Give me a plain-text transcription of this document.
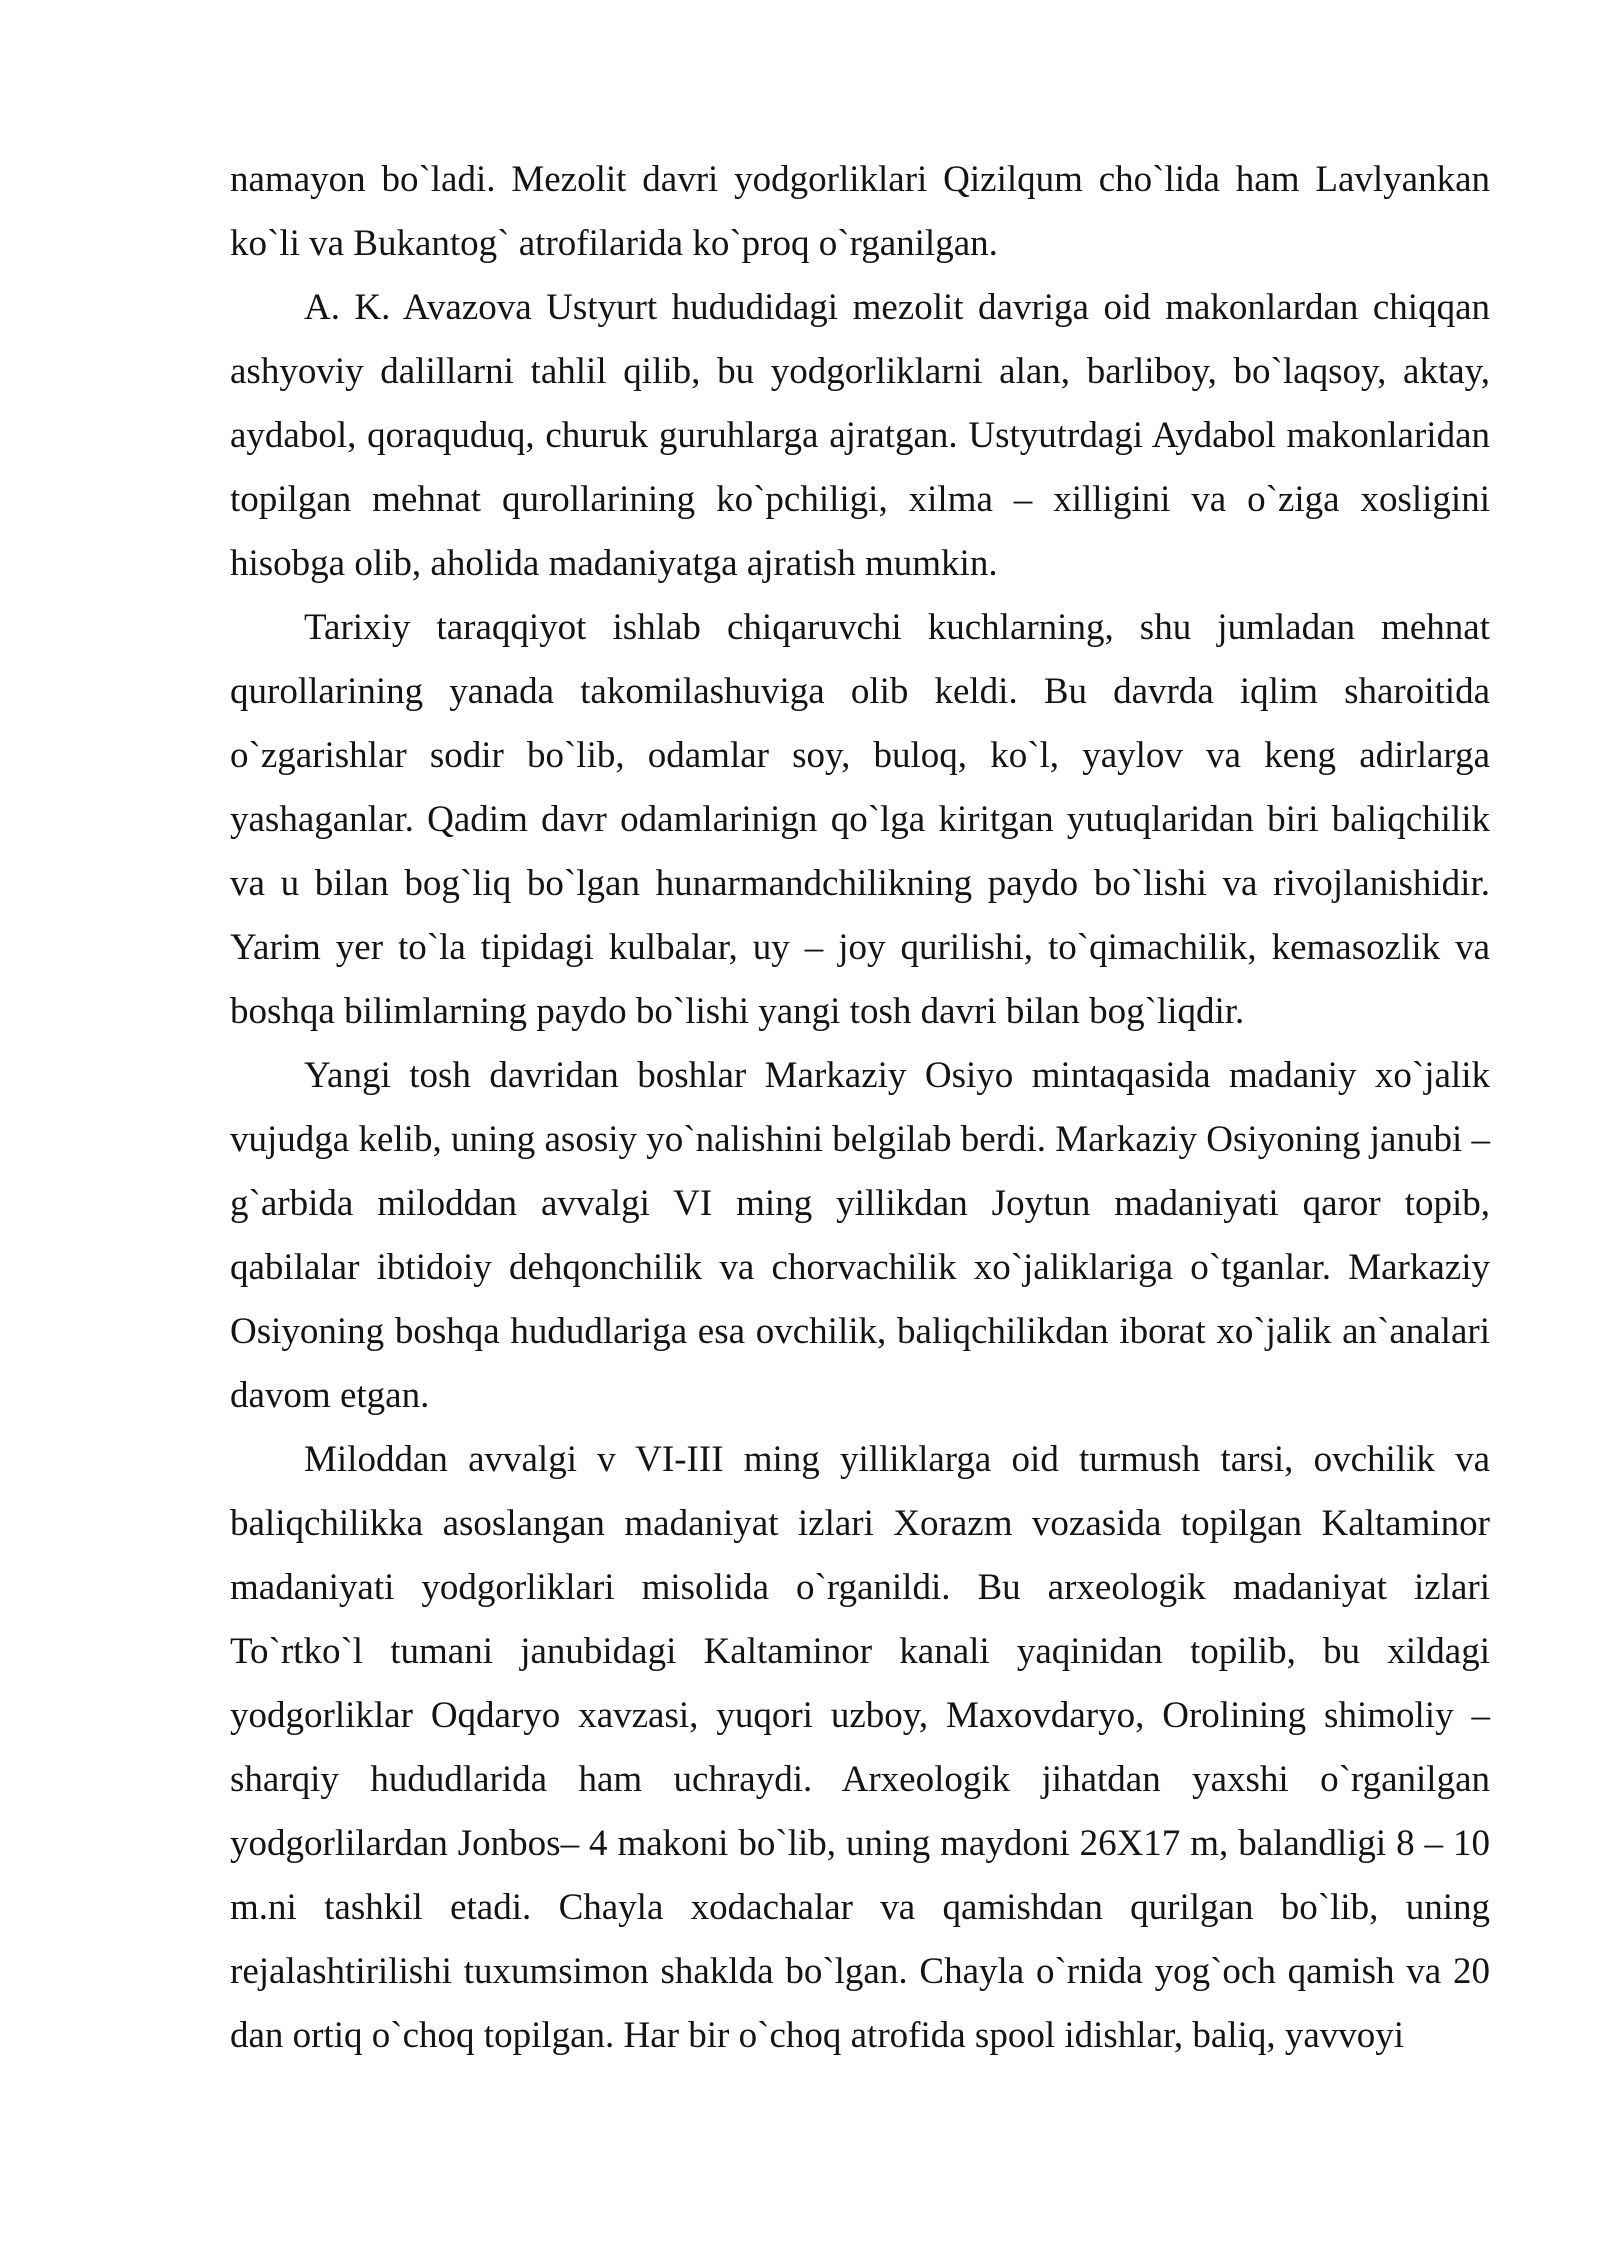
namayon bo`ladi. Mezolit davri yodgorliklari Qizilqum cho`lida ham Lavlyankan ko`li va Bukantog` atrofilarida ko`proq o`rganilgan.

A. K. Avazova Ustyurt hududidagi mezolit davriga oid makonlardan chiqqan ashyoviy dalillarni tahlil qilib, bu yodgorliklarni alan, barliboy, bo`laqsoy, aktay, aydabol, qoraquduq, churuk guruhlarga ajratgan. Ustyutrdagi Aydabol makonlaridan topilgan mehnat qurollarining ko`pchiligi, xilma – xilligini va o`ziga xosligini hisobga olib, aholida madaniyatga ajratish mumkin.

Tarixiy taraqqiyot ishlab chiqaruvchi kuchlarning, shu jumladan mehnat qurollarining yanada takomilashuviga olib keldi. Bu davrda iqlim sharoitida o`zgarishlar sodir bo`lib, odamlar soy, buloq, ko`l, yaylov va keng adirlarga yashaganlar. Qadim davr odamlarinign qo`lga kiritgan yutuqlaridan biri baliqchilik va u bilan bog`liq bo`lgan hunarmandchilikning paydo bo`lishi va rivojlanishidir. Yarim yer to`la tipidagi kulbalar, uy – joy qurilishi, to`qimachilik, kemasozlik va boshqa bilimlarning paydo bo`lishi yangi tosh davri bilan bog`liqdir.

Yangi tosh davridan boshlar Markaziy Osiyo mintaqasida madaniy xo`jalik vujudga kelib, uning asosiy yo`nalishini belgilab berdi. Markaziy Osiyoning janubi – g`arbida miloddan avvalgi VI ming yillikdan Joytun madaniyati qaror topib, qabilalar ibtidoiy dehqonchilik va chorvachilik xo`jaliklariga o`tganlar. Markaziy Osiyoning boshqa hududlariga esa ovchilik, baliqchilikdan iborat xo`jalik an`analari davom etgan.

Miloddan avvalgi v VI-III ming yilliklarga oid turmush tarsi, ovchilik va baliqchilikka asoslangan madaniyat izlari Xorazm vozasida topilgan Kaltaminor madaniyati yodgorliklari misolida o`rganildi. Bu arxeologik madaniyat izlari To`rtko`l tumani janubidagi Kaltaminor kanali yaqinidan topilib, bu xildagi yodgorliklar Oqdaryo xavzasi, yuqori uzboy, Maxovdaryo, Orolining shimoliy – sharqiy hududlarida ham uchraydi. Arxeologik jihatdan yaxshi o`rganilgan yodgorlilardan Jonbos– 4 makoni bo`lib, uning maydoni 26X17 m, balandligi 8 – 10 m.ni tashkil etadi. Chayla xodachalar va qamishdan qurilgan bo`lib, uning rejalashtirilishi tuxumsimon shaklda bo`lgan. Chayla o`rnida yog`och qamish va 20 dan ortiq o`choq topilgan. Har bir o`choq atrofida spool idishlar, baliq, yavvoyi
